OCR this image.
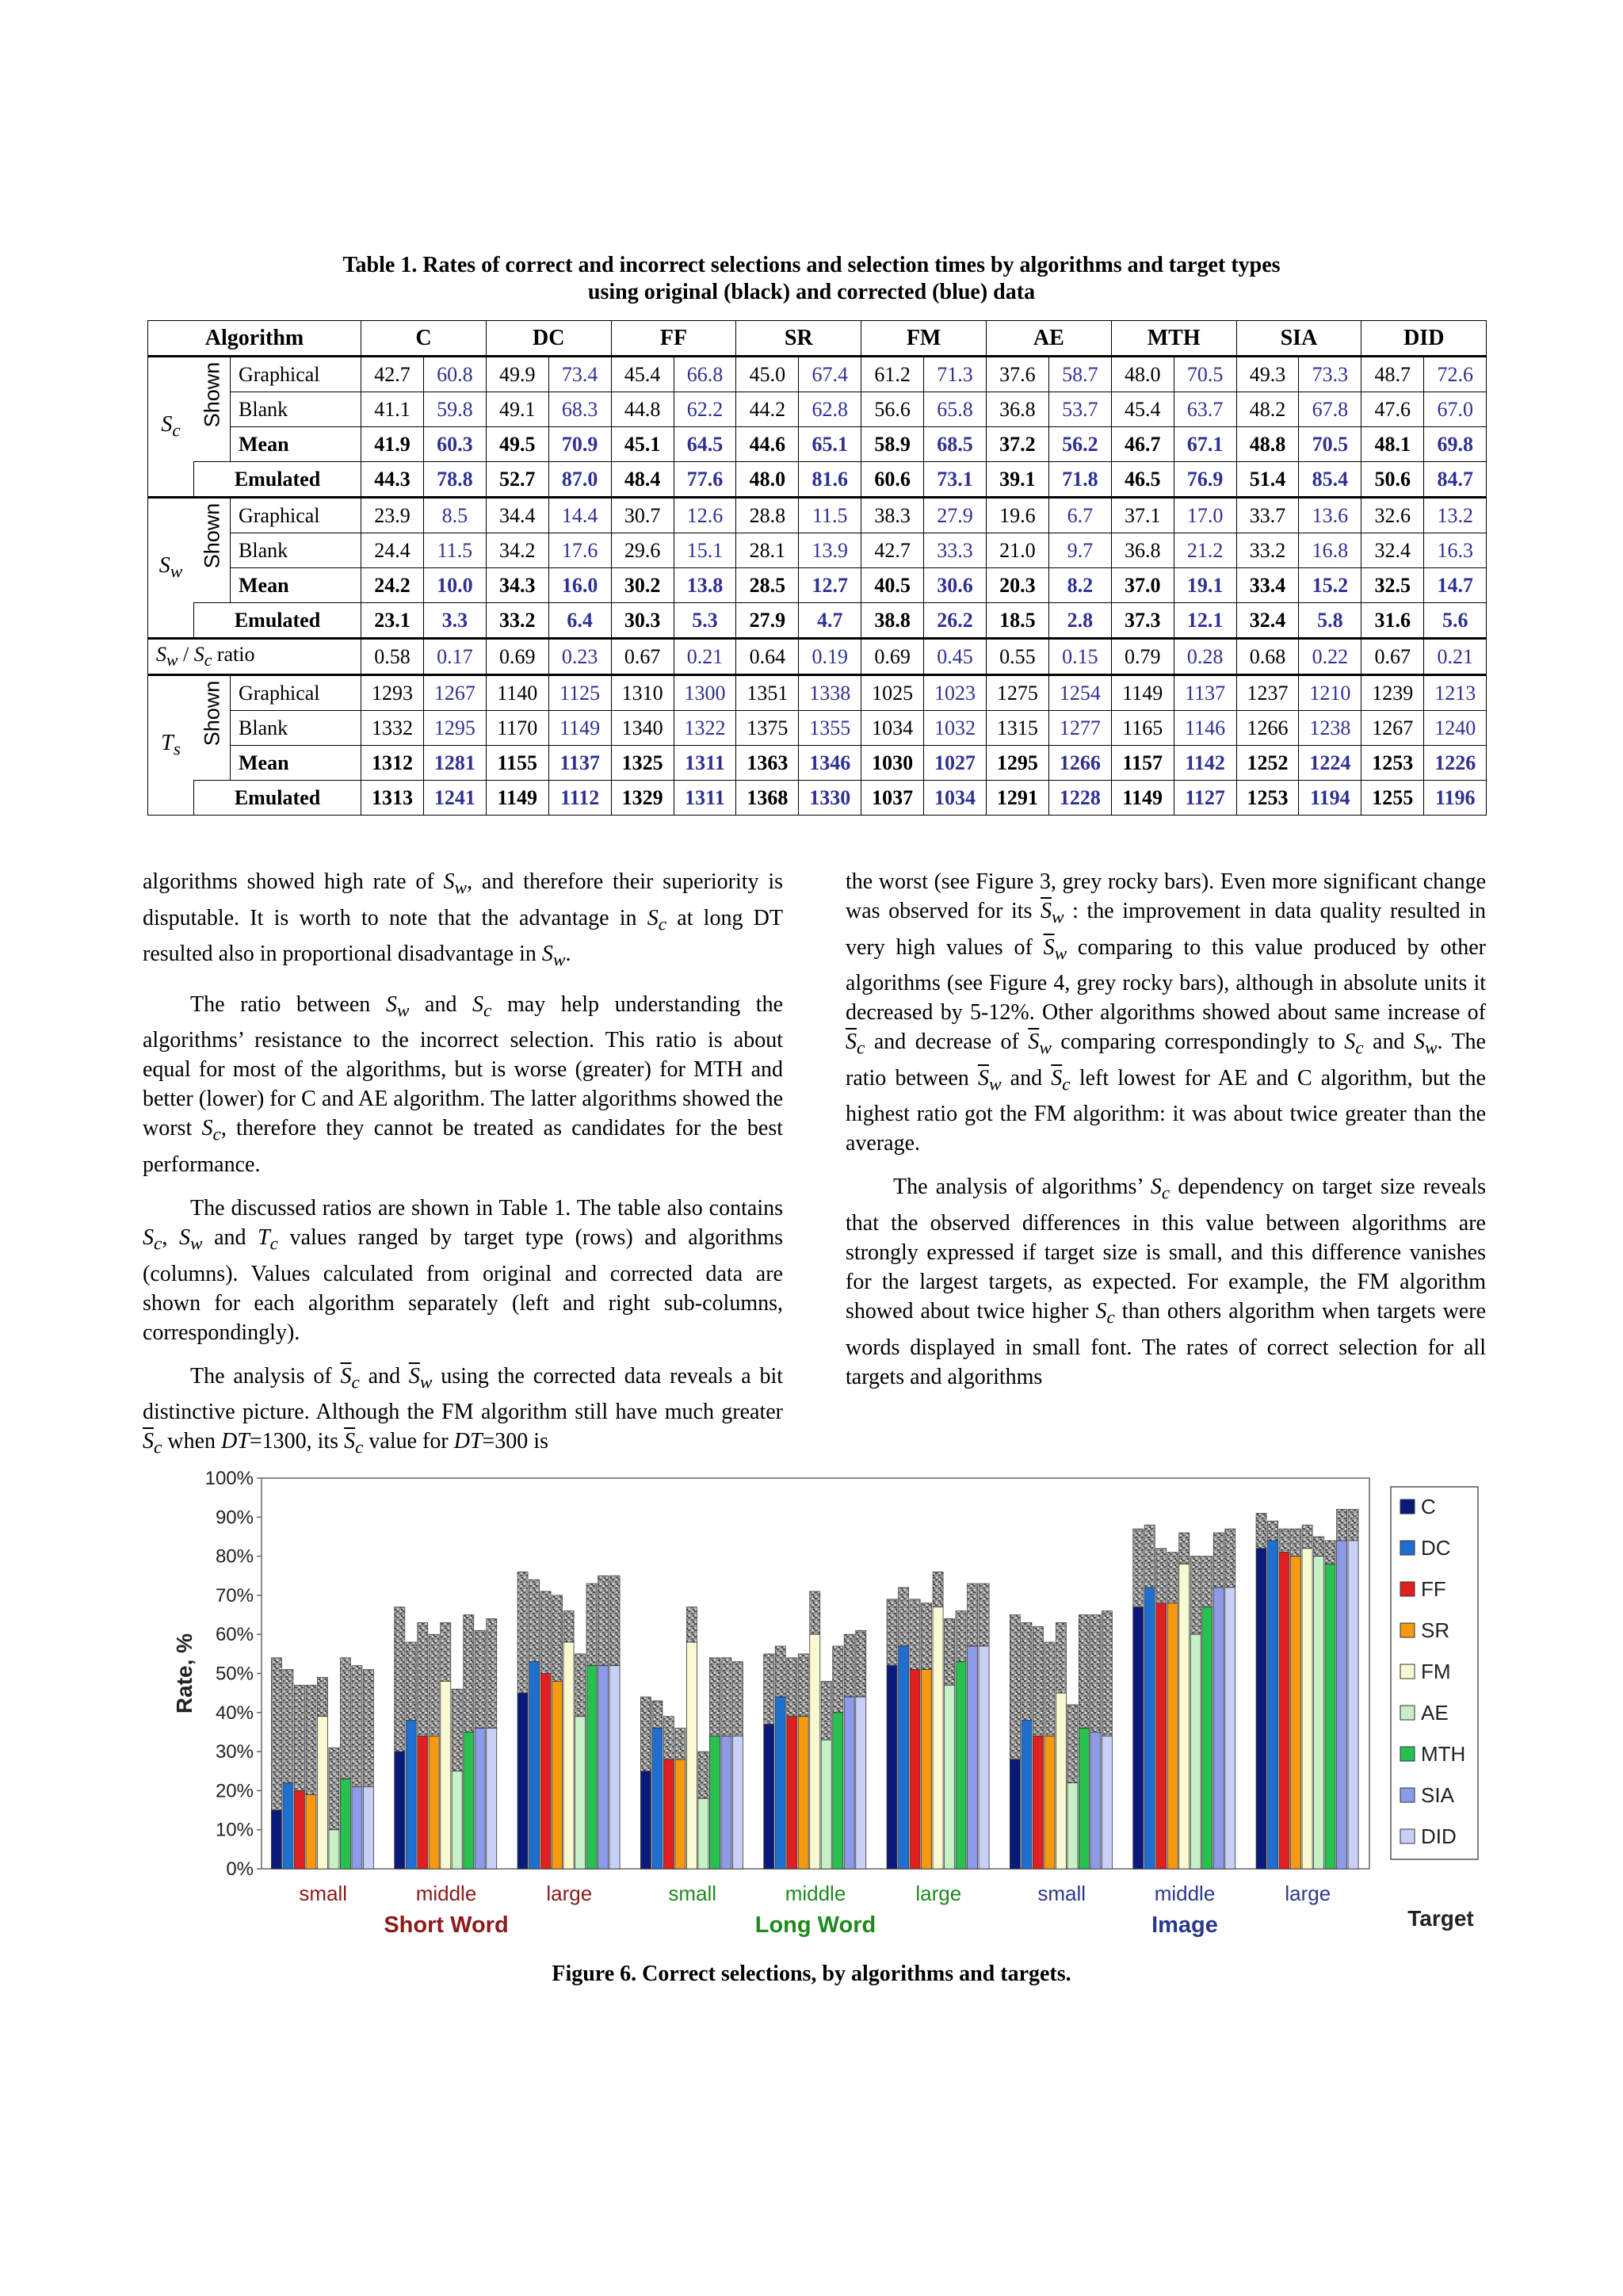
Table 1. Rates of correct and incorrect selections and selection times by algorithms and target types
using original (black) and corrected (blue) data
Algorithm			C		DC		FF		SR		FM		AE		MTH		SIA		DID	
$S_c$	Shown	Graphical	42.7	60.8	49.9	73.4	45.4	66.8	45.0	67.4	61.2	71.3	37.6	58.7	48.0	70.5	49.3	73.3	48.7	72.6
		Blank	41.1	59.8	49.1	68.3	44.8	62.2	44.2	62.8	56.6	65.8	36.8	53.7	45.4	63.7	48.2	67.8	47.6	67.0
		Mean	41.9	60.3	49.5	70.9	45.1	64.5	44.6	65.1	58.9	68.5	37.2	56.2	46.7	67.1	48.8	70.5	48.1	69.8
	Emulated		44.3	78.8	52.7	87.0	48.4	77.6	48.0	81.6	60.6	73.1	39.1	71.8	46.5	76.9	51.4	85.4	50.6	84.7
$S_w$	Shown	Graphical	23.9	8.5	34.4	14.4	30.7	12.6	28.8	11.5	38.3	27.9	19.6	6.7	37.1	17.0	33.7	13.6	32.6	13.2
		Blank	24.4	11.5	34.2	17.6	29.6	15.1	28.1	13.9	42.7	33.3	21.0	9.7	36.8	21.2	33.2	16.8	32.4	16.3
		Mean	24.2	10.0	34.3	16.0	30.2	13.8	28.5	12.7	40.5	30.6	20.3	8.2	37.0	19.1	33.4	15.2	32.5	14.7
	Emulated		23.1	3.3	33.2	6.4	30.3	5.3	27.9	4.7	38.8	26.2	18.5	2.8	37.3	12.1	32.4	5.8	31.6	5.6
$S_w / S_c$ ratio			0.58	0.17	0.69	0.23	0.67	0.21	0.64	0.19	0.69	0.45	0.55	0.15	0.79	0.28	0.68	0.22	0.67	0.21
$T_s$	Shown	Graphical	1293	1267	1140	1125	1310	1300	1351	1338	1025	1023	1275	1254	1149	1137	1237	1210	1239	1213
		Blank	1332	1295	1170	1149	1340	1322	1375	1355	1034	1032	1315	1277	1165	1146	1266	1238	1267	1240
		Mean	1312	1281	1155	1137	1325	1311	1363	1346	1030	1027	1295	1266	1157	1142	1252	1224	1253	1226
	Emulated		1313	1241	1149	1112	1329	1311	1368	1330	1037	1034	1291	1228	1149	1127	1253	1194	1255	1196

algorithms showed high rate of $S_w$, and therefore their superiority is disputable. It is worth to note that the advantage in $S_c$ at long DT resulted also in proportional disadvantage in $S_w$.

The ratio between $S_w$ and $S_c$ may help understanding the algorithms’ resistance to the incorrect selection. This ratio is about equal for most of the algorithms, but is worse (greater) for MTH and better (lower) for C and AE algorithm. The latter algorithms showed the worst $S_c$, therefore they cannot be treated as candidates for the best performance.

The discussed ratios are shown in Table 1. The table also contains $S_c$, $S_w$ and $T_c$ values ranged by target type (rows) and algorithms (columns). Values calculated from original and corrected data are shown for each algorithm separately (left and right sub-columns, correspondingly).

The analysis of $\overline{S}_c$ and $\overline{S}_w$ using the corrected data reveals a bit distinctive picture. Although the FM algorithm still have much greater $\overline{S}_c$ when DT=1300, its $\overline{S}_c$ value for DT=300 is

the worst (see Figure 3, grey rocky bars). Even more significant change was observed for its $\overline{S}_w$ : the improvement in data quality resulted in very high values of $\overline{S}_w$ comparing to this value produced by other algorithms (see Figure 4, grey rocky bars), although in absolute units it decreased by 5-12%. Other algorithms showed about same increase of $\overline{S}_c$ and decrease of $\overline{S}_w$ comparing correspondingly to $S_c$ and $S_w$. The ratio between $\overline{S}_w$ and $\overline{S}_c$ left lowest for AE and C algorithm, but the highest ratio got the FM algorithm: it was about twice greater than the average.

The analysis of algorithms’ $S_c$ dependency on target size reveals that the observed differences in this value between algorithms are strongly expressed if target size is small, and this difference vanishes for the largest targets, as expected. For example, the FM algorithm showed about twice higher $S_c$ than others algorithm when targets were words displayed in small font. The rates of correct selection for all targets and algorithms

0%
10%
20%
30%
40%
50%
60%
70%
80%
90%
100%
Rate, %
small	middle	large	small	middle	large	small	middle	large
Short Word	Long Word	Image	Target
C
DC
FF
SR
FM
AE
MTH
SIA
DID
Figure 6. Correct selections, by algorithms and targets.
